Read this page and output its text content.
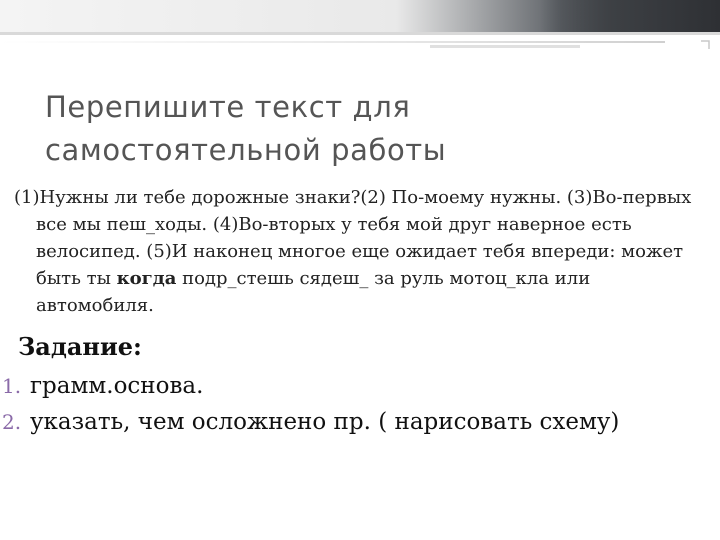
Перепишите текст для
самостоятельной работы

(1)Нужны ли тебе дорожные знаки?(2) По-моему нужны. (3)Во-первых все мы пеш_ходы. (4)Во-вторых у тебя мой друг наверное есть велосипед. (5)И наконец многое еще ожидает тебя впереди: может быть ты когда подр_стешь сядеш_ за руль мотоц_кла или автомобиля.

Задание:
1. грамм.основа.
2. указать, чем осложнено пр. ( нарисовать схему)
